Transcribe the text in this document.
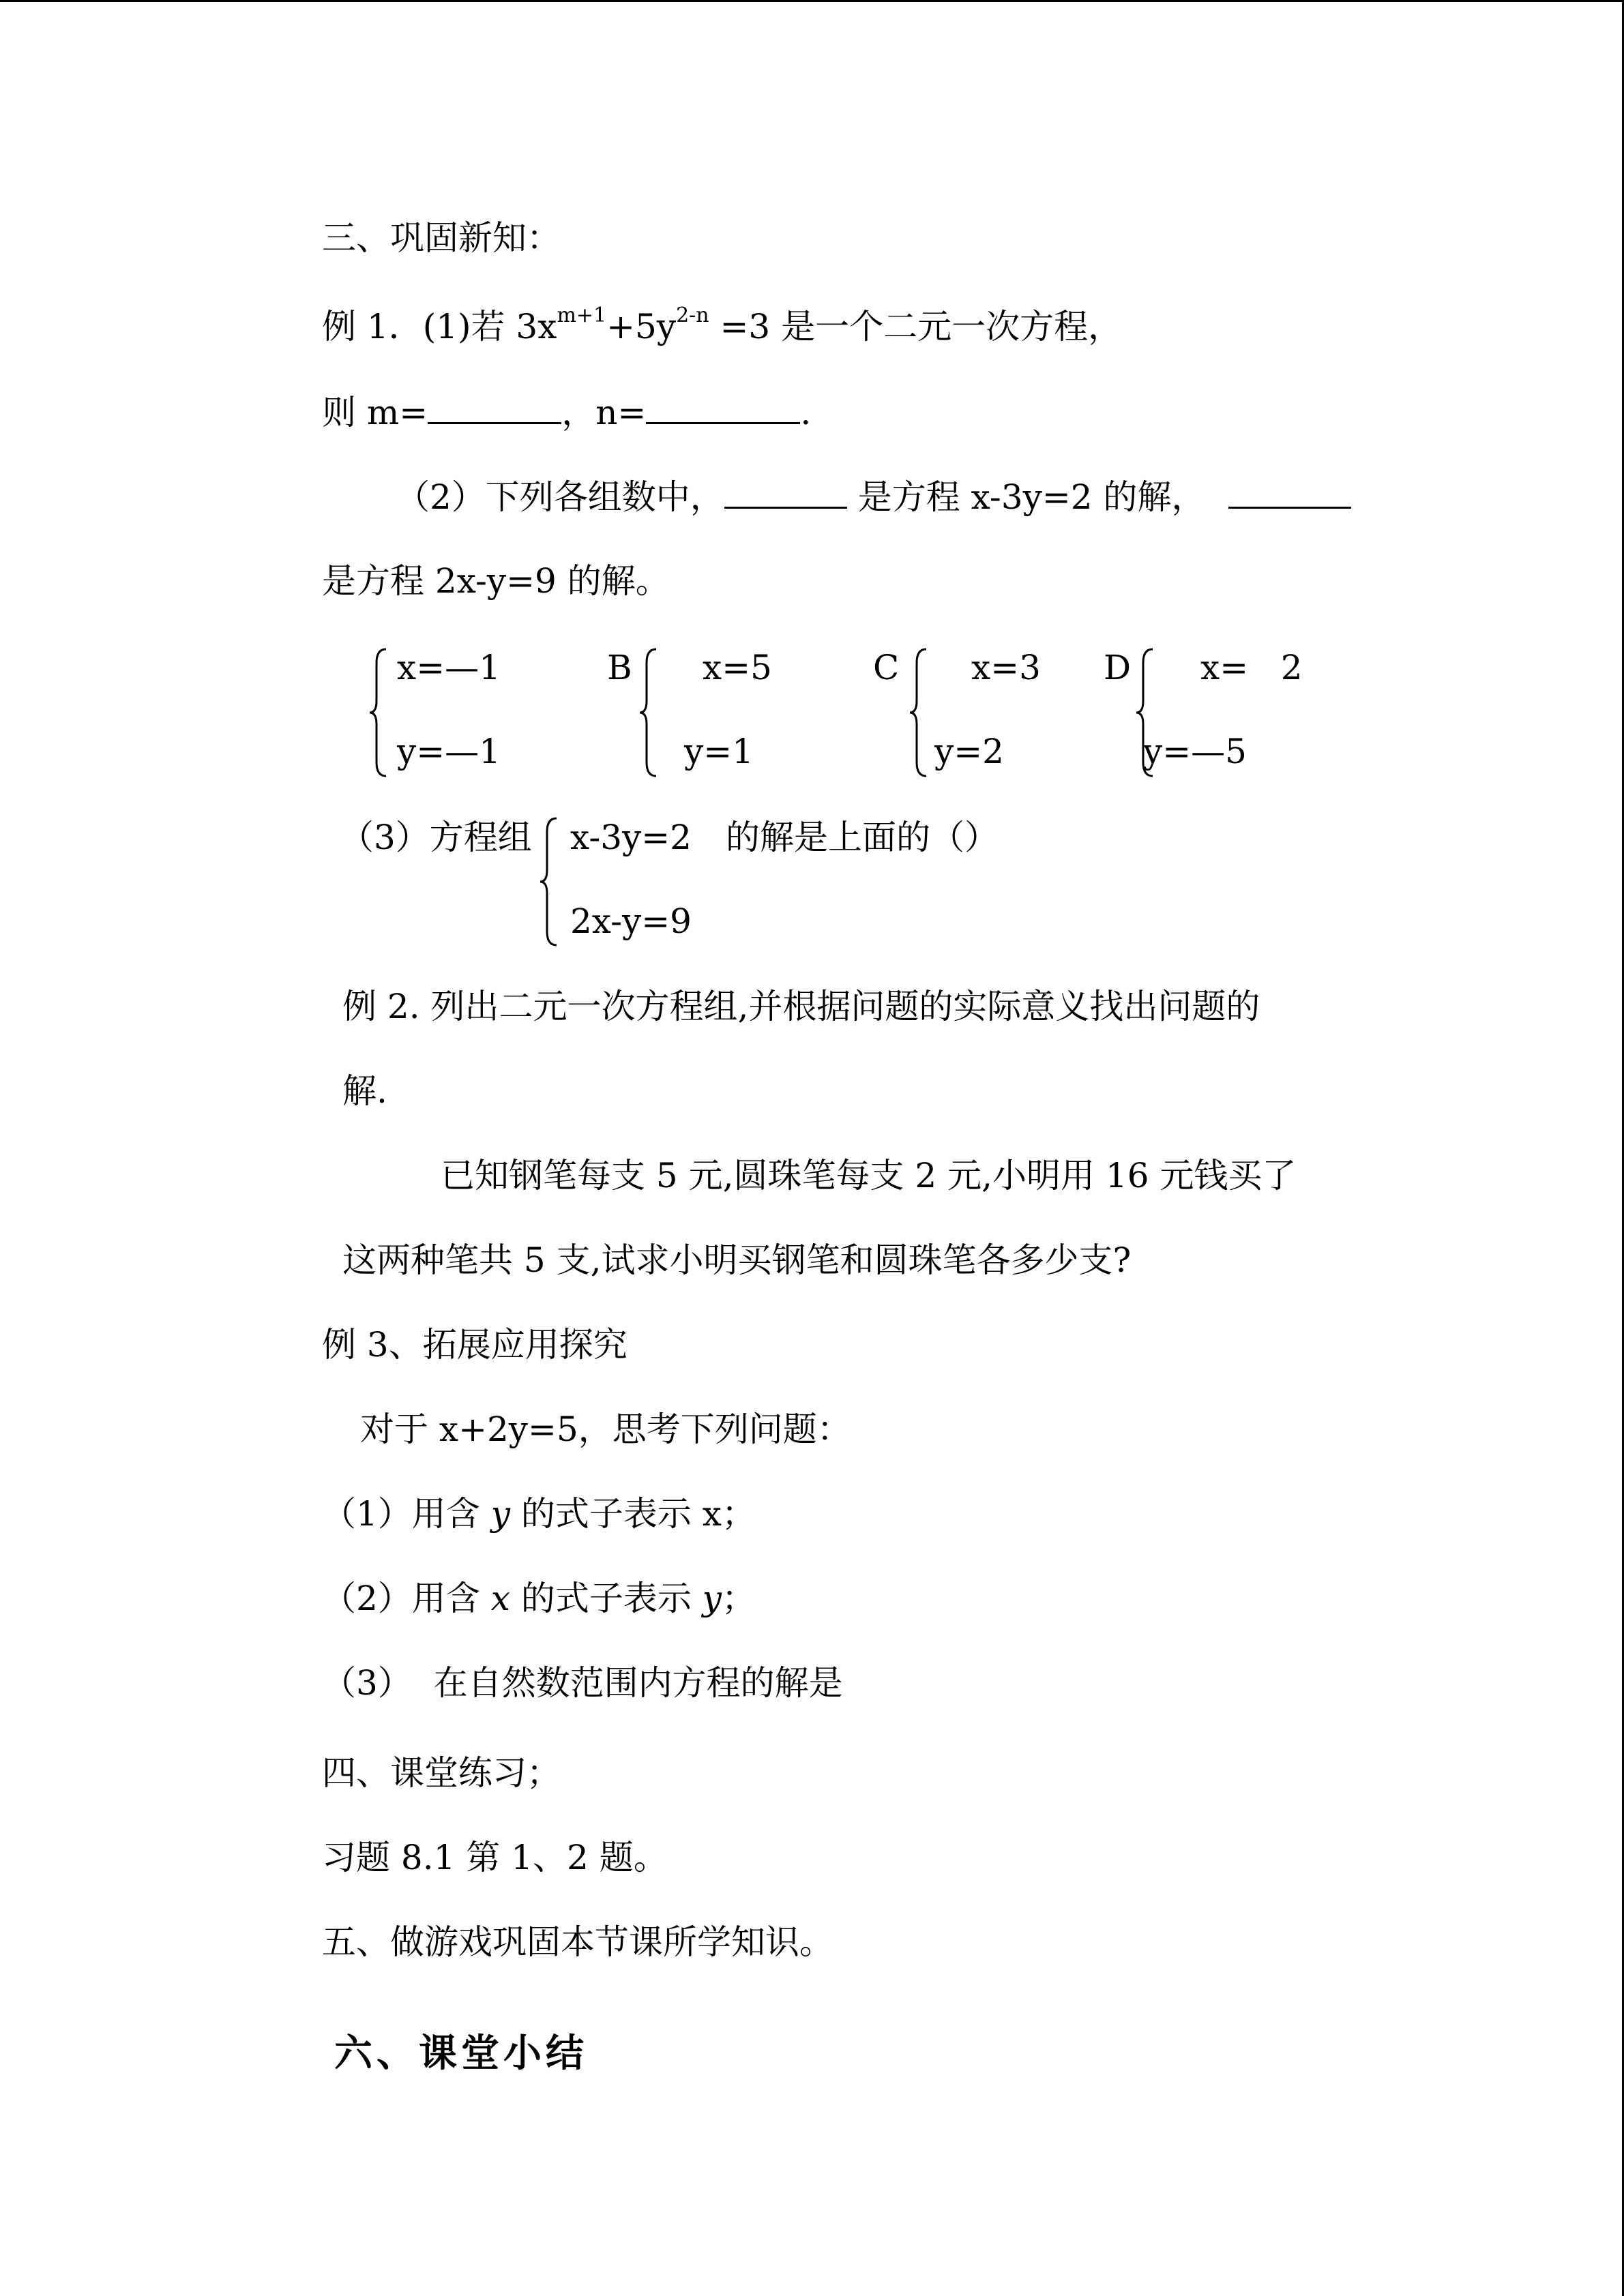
三、巩固新知：
例 1．(1)若 $3x^{m+1}+5y^{2-n} =3$ 是一个二元一次方程，
则 m=	，n=	.
（2）下列各组数中，	是方程 x-3y=2 的解，
是方程 2x-y=9 的解。
x=—1
y=—1
B x=5
y=1
C x=3
y=2
D x=   2
y=—5
（3）方程组 x-3y=2 的解是上面的（）
2x-y=9
例 2. 列出二元一次方程组,并根据问题的实际意义找出问题的
解.
已知钢笔每支 5 元,圆珠笔每支 2 元,小明用 16 元钱买了
这两种笔共 5 支,试求小明买钢笔和圆珠笔各多少支?
例 3、拓展应用探究
对于 x+2y=5，思考下列问题：
（1）用含 y 的式子表示 x；
（2）用含 x 的式子表示 y；
（3）  在自然数范围内方程的解是
四、课堂练习；
习题 8.1 第 1、2 题。
五、做游戏巩固本节课所学知识。
六、课堂小结
